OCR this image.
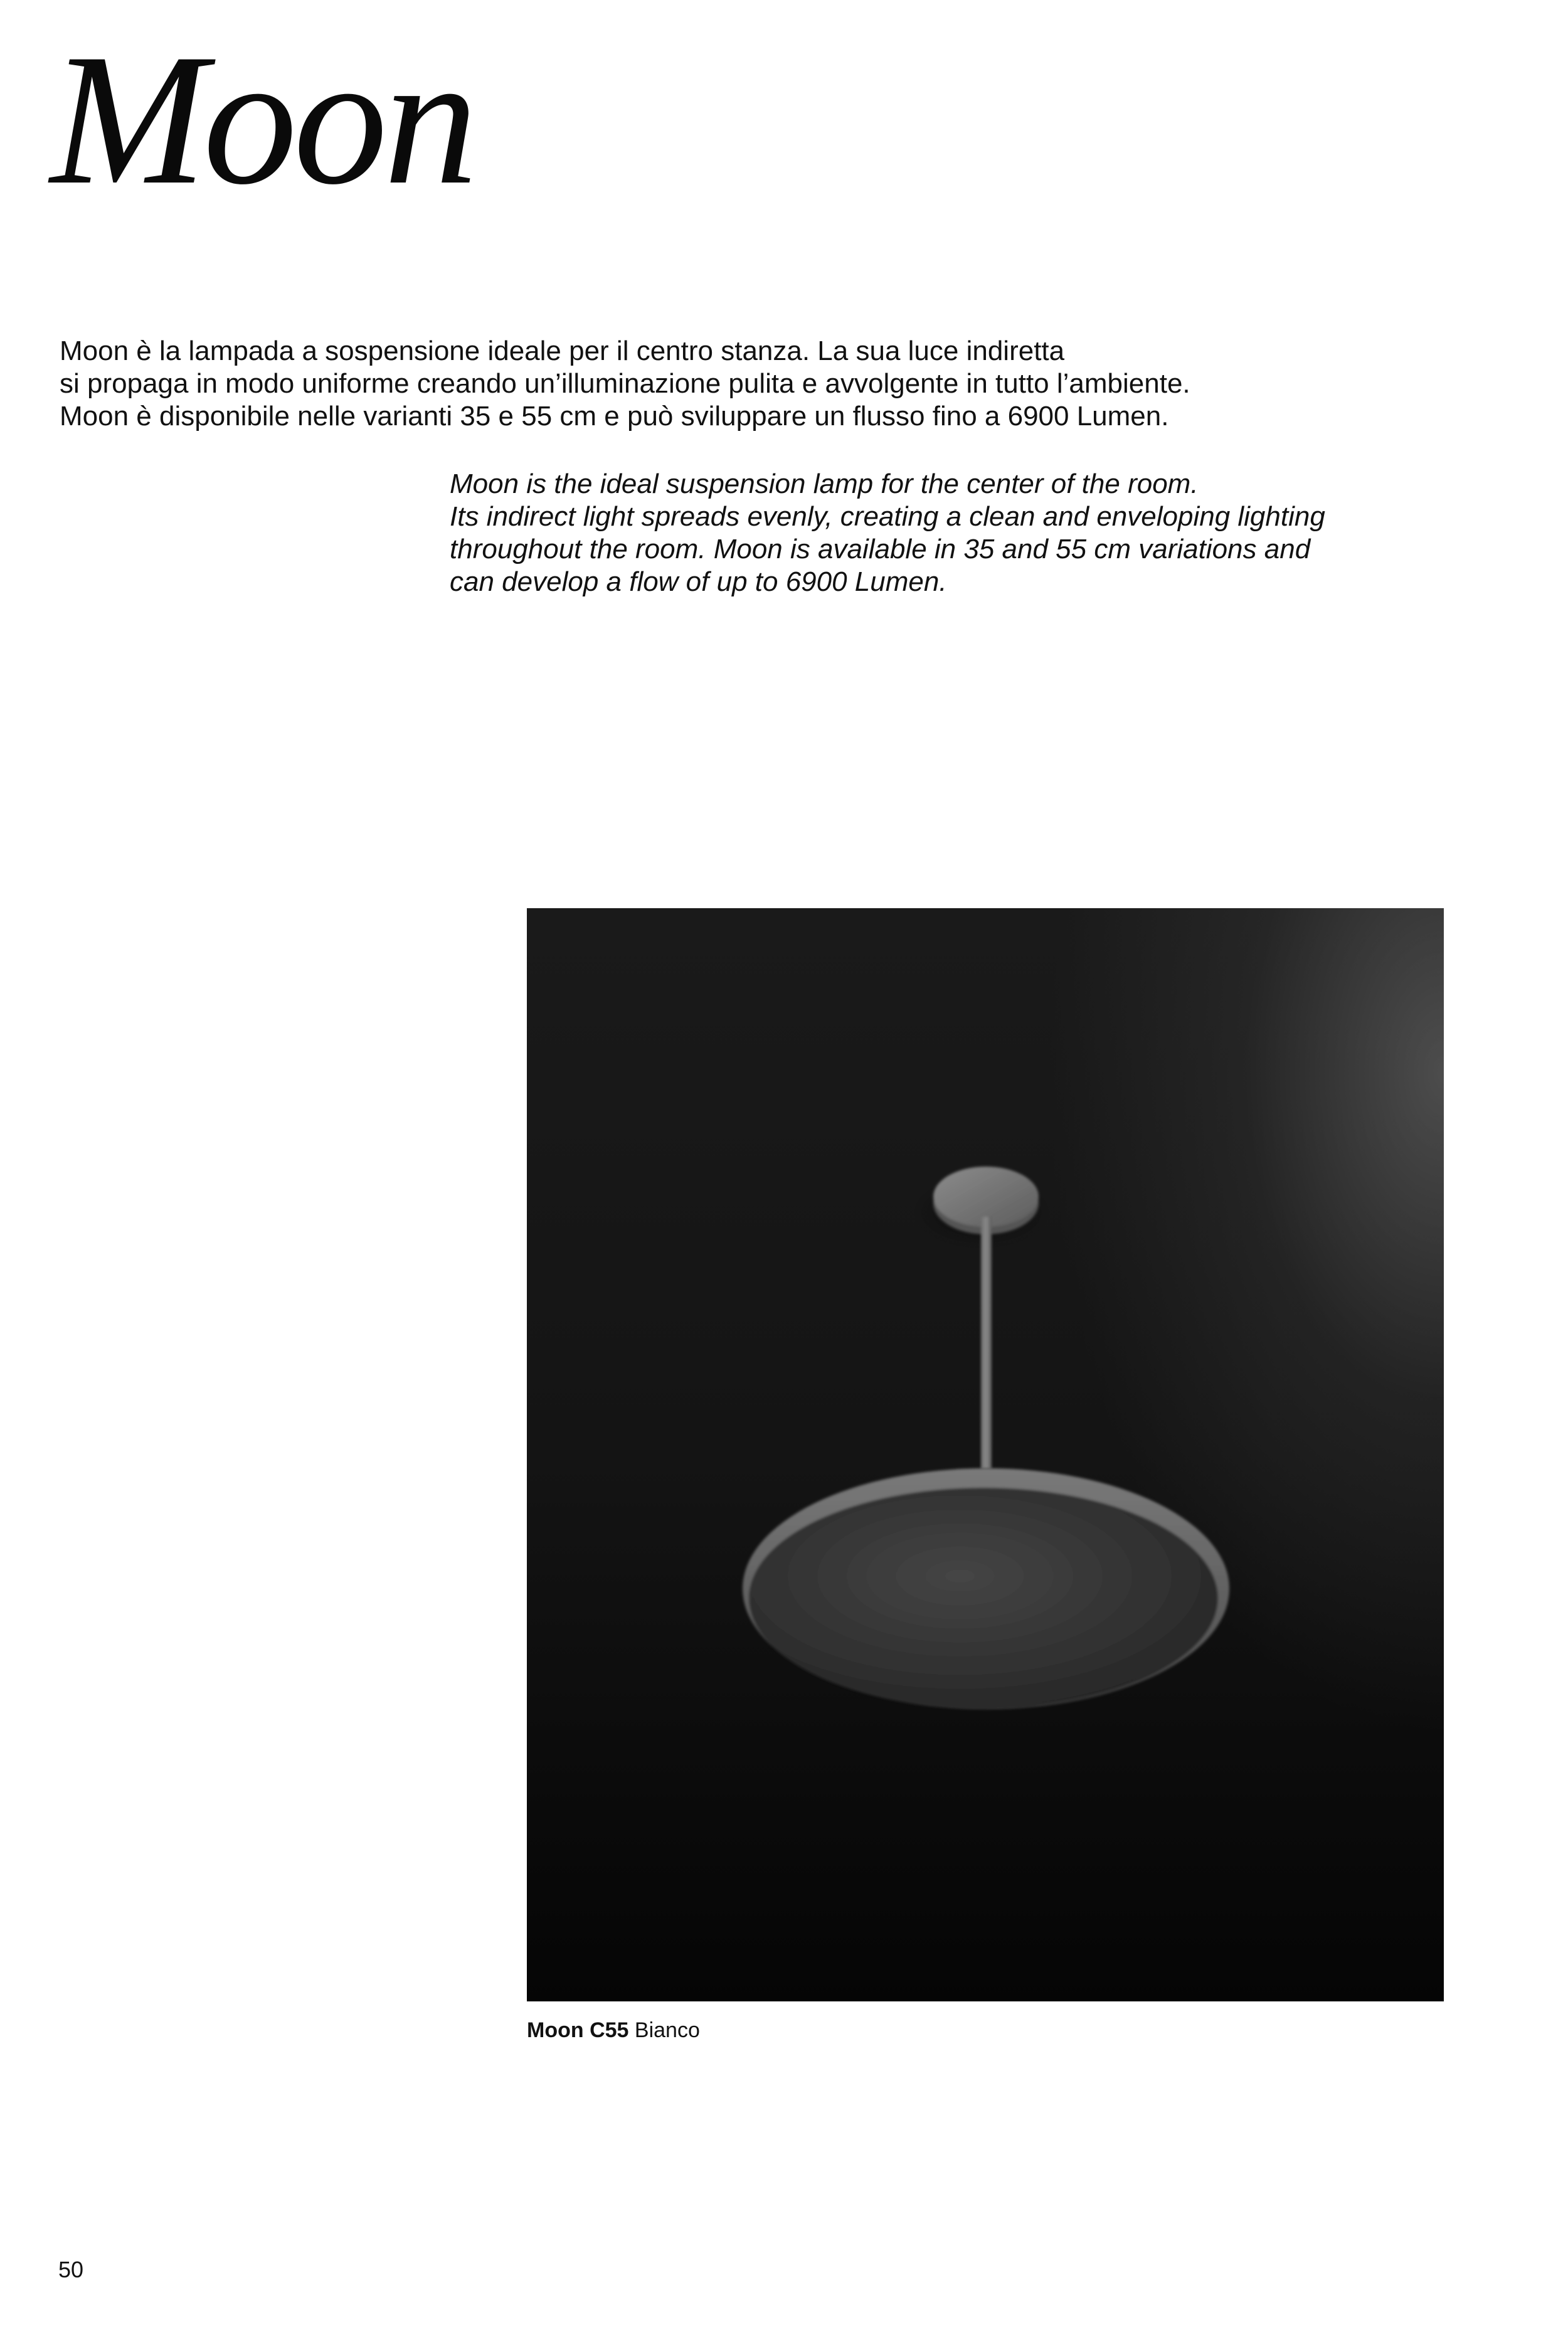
Moon

Moon è la lampada a sospensione ideale per il centro stanza. La sua luce indiretta
si propaga in modo uniforme creando un’illuminazione pulita e avvolgente in tutto l’ambiente.
Moon è disponibile nelle varianti 35 e 55 cm e può sviluppare un flusso fino a 6900 Lumen.

Moon is the ideal suspension lamp for the center of the room.
Its indirect light spreads evenly, creating a clean and enveloping lighting
throughout the room. Moon is available in 35 and 55 cm variations and
can develop a flow of up to 6900 Lumen.

Moon C55 Bianco

50
